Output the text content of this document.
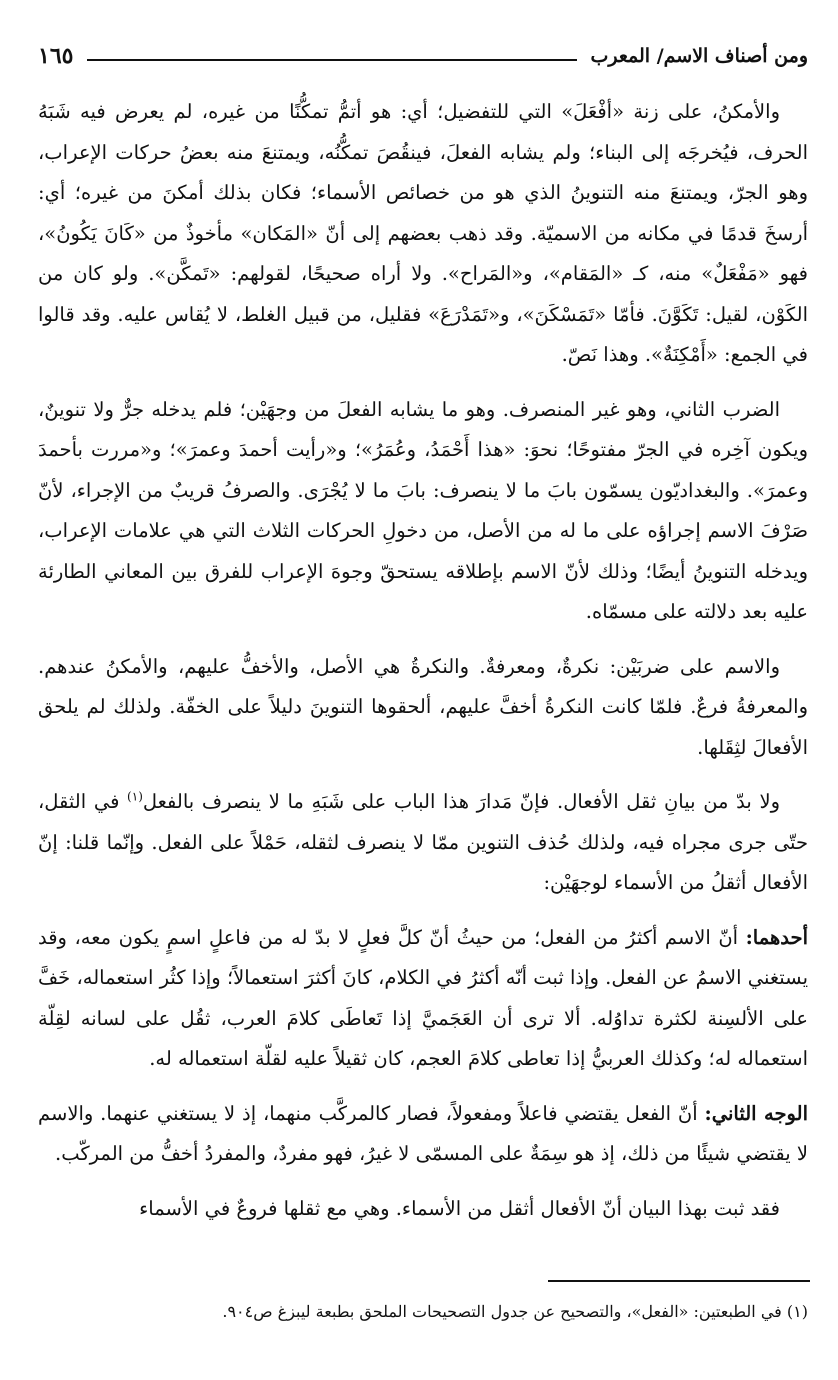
ومن أصناف الاسم/ المعرب
١٦٥

والأمكنُ، على زنة «أفْعَلَ» التي للتفضيل؛ أي: هو أتمُّ تمكُّنًا من غيره، لم يعرض فيه شَبَهُ الحرف، فيُخرجَه إلى البناء؛ ولم يشابه الفعلَ، فينقُصَ تمكُّنُه، ويمتنعَ منه بعضُ حركات الإعراب، وهو الجرّ، ويمتنعَ منه التنوينُ الذي هو من خصائص الأسماء؛ فكان بذلك أمكنَ من غيره؛ أي: أرسخَ قدمًا في مكانه من الاسميّة. وقد ذهب بعضهم إلى أنّ «المَكان» مأخوذٌ من «كَانَ يَكُونُ»، فهو «مَفْعَلٌ» منه، كـ «المَقام»، و«المَراح». ولا أراه صحيحًا، لقولهم: «تَمكَّن». ولو كان من الكَوْن، لقيل: تَكَوَّنَ. فأمّا «تَمَسْكَنَ»، و«تَمَدْرَعَ» فقليل، من قبيل الغلط، لا يُقاس عليه. وقد قالوا في الجمع: «أَمْكِنَةٌ». وهذا نَصّ.

الضرب الثاني، وهو غير المنصرف. وهو ما يشابه الفعلَ من وجهَيْن؛ فلم يدخله جرٌّ ولا تنوينٌ، ويكون آخِره في الجرّ مفتوحًا؛ نحوَ: «هذا أَحْمَدُ، وعُمَرُ»؛ و«رأيت أحمدَ وعمرَ»؛ و«مررت بأحمدَ وعمرَ». والبغداديّون يسمّون بابَ ما لا ينصرف: بابَ ما لا يُجْرَى. والصرفُ قريبٌ من الإجراء، لأنّ صَرْفَ الاسم إجراؤه على ما له من الأصل، من دخولِ الحركات الثلاث التي هي علامات الإعراب، ويدخله التنوينُ أيضًا؛ وذلك لأنّ الاسم بإطلاقه يستحقّ وجوهَ الإعراب للفرق بين المعاني الطارئة عليه بعد دلالته على مسمّاه.

والاسم على ضربَيْن: نكرةٌ، ومعرفةٌ. والنكرةُ هي الأصل، والأخفُّ عليهم، والأمكنُ عندهم. والمعرفةُ فرعٌ. فلمّا كانت النكرةُ أخفَّ عليهم، ألحقوها التنوينَ دليلاً على الخفّة. ولذلك لم يلحق الأفعالَ لثِقَلها.

ولا بدّ من بيانِ ثقل الأفعال. فإنّ مَدارَ هذا الباب على شَبَهِ ما لا ينصرف بالفعل$^{(١)}$ في الثقل، حتّى جرى مجراه فيه، ولذلك حُذف التنوين ممّا لا ينصرف لثقله، حَمْلاً على الفعل. وإنّما قلنا: إنّ الأفعال أثقلُ من الأسماء لوجهَيْن:

أحدهما: أنّ الاسم أكثرُ من الفعل؛ من حيثُ أنّ كلَّ فعلٍ لا بدّ له من فاعلٍ اسمٍ يكون معه، وقد يستغني الاسمُ عن الفعل. وإذا ثبت أنّه أكثرُ في الكلام، كانَ أكثرَ استعمالاً؛ وإذا كثُر استعماله، خَفَّ على الألسِنة لكثرة تداوُله. ألا ترى أن العَجَميَّ إذا تَعاطَى كلامَ العرب، ثقُل على لسانه لقِلّة استعماله له؛ وكذلك العربيُّ إذا تعاطى كلامَ العجم، كان ثقيلاً عليه لقلّة استعماله له.

الوجه الثاني: أنّ الفعل يقتضي فاعلاً ومفعولاً، فصار كالمركَّب منهما، إذ لا يستغني عنهما. والاسم لا يقتضي شيئًا من ذلك، إذ هو سِمَةٌ على المسمّى لا غيرُ، فهو مفردٌ، والمفردُ أخفُّ من المركّب.

فقد ثبت بهذا البيان أنّ الأفعال أثقل من الأسماء. وهي مع ثقلها فروعٌ في الأسماء

(١) في الطبعتين: «الفعل»، والتصحيح عن جدول التصحيحات الملحق بطبعة ليبزغ ص٩٠٤.
